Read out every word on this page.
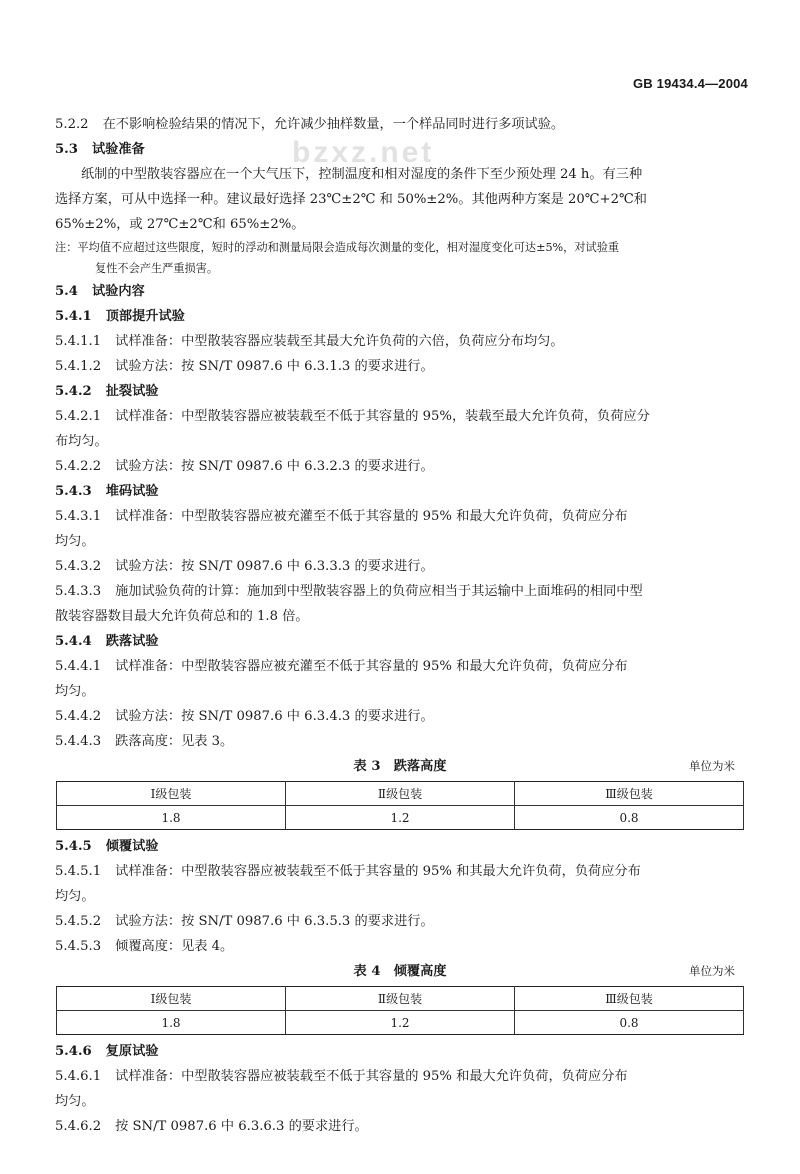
GB 19434.4—2004
bzxz.net
5.2.2 在不影响检验结果的情况下，允许减少抽样数量，一个样品同时进行多项试验。
5.3 试验准备
纸制的中型散装容器应在一个大气压下，控制温度和相对湿度的条件下至少预处理 24 h。有三种
选择方案，可从中选择一种。建议最好选择 23℃±2℃ 和 50%±2%。其他两种方案是 20℃+2℃和
65%±2%，或 27℃±2℃和 65%±2%。
注：平均值不应超过这些限度，短时的浮动和测量局限会造成每次测量的变化，相对湿度变化可达±5%，对试验重
复性不会产生严重损害。
5.4 试验内容
5.4.1 顶部提升试验
5.4.1.1 试样准备：中型散装容器应装载至其最大允许负荷的六倍，负荷应分布均匀。
5.4.1.2 试验方法：按 SN/T 0987.6 中 6.3.1.3 的要求进行。
5.4.2 扯裂试验
5.4.2.1 试样准备：中型散装容器应被装载至不低于其容量的 95%，装载至最大允许负荷，负荷应分
布均匀。
5.4.2.2 试验方法：按 SN/T 0987.6 中 6.3.2.3 的要求进行。
5.4.3 堆码试验
5.4.3.1 试样准备：中型散装容器应被充灌至不低于其容量的 95% 和最大允许负荷，负荷应分布
均匀。
5.4.3.2 试验方法：按 SN/T 0987.6 中 6.3.3.3 的要求进行。
5.4.3.3 施加试验负荷的计算：施加到中型散装容器上的负荷应相当于其运输中上面堆码的相同中型
散装容器数目最大允许负荷总和的 1.8 倍。
5.4.4 跌落试验
5.4.4.1 试样准备：中型散装容器应被充灌至不低于其容量的 95% 和最大允许负荷，负荷应分布
均匀。
5.4.4.2 试验方法：按 SN/T 0987.6 中 6.3.4.3 的要求进行。
5.4.4.3 跌落高度：见表 3。
表 3　跌落高度	单位为米
Ⅰ级包装	Ⅱ级包装	Ⅲ级包装
1.8	1.2	0.8
5.4.5 倾覆试验
5.4.5.1 试样准备：中型散装容器应被装载至不低于其容量的 95% 和其最大允许负荷，负荷应分布
均匀。
5.4.5.2 试验方法：按 SN/T 0987.6 中 6.3.5.3 的要求进行。
5.4.5.3 倾覆高度：见表 4。
表 4　倾覆高度	单位为米
Ⅰ级包装	Ⅱ级包装	Ⅲ级包装
1.8	1.2	0.8
5.4.6 复原试验
5.4.6.1 试样准备：中型散装容器应被装载至不低于其容量的 95% 和最大允许负荷，负荷应分布
均匀。
5.4.6.2 按 SN/T 0987.6 中 6.3.6.3 的要求进行。
